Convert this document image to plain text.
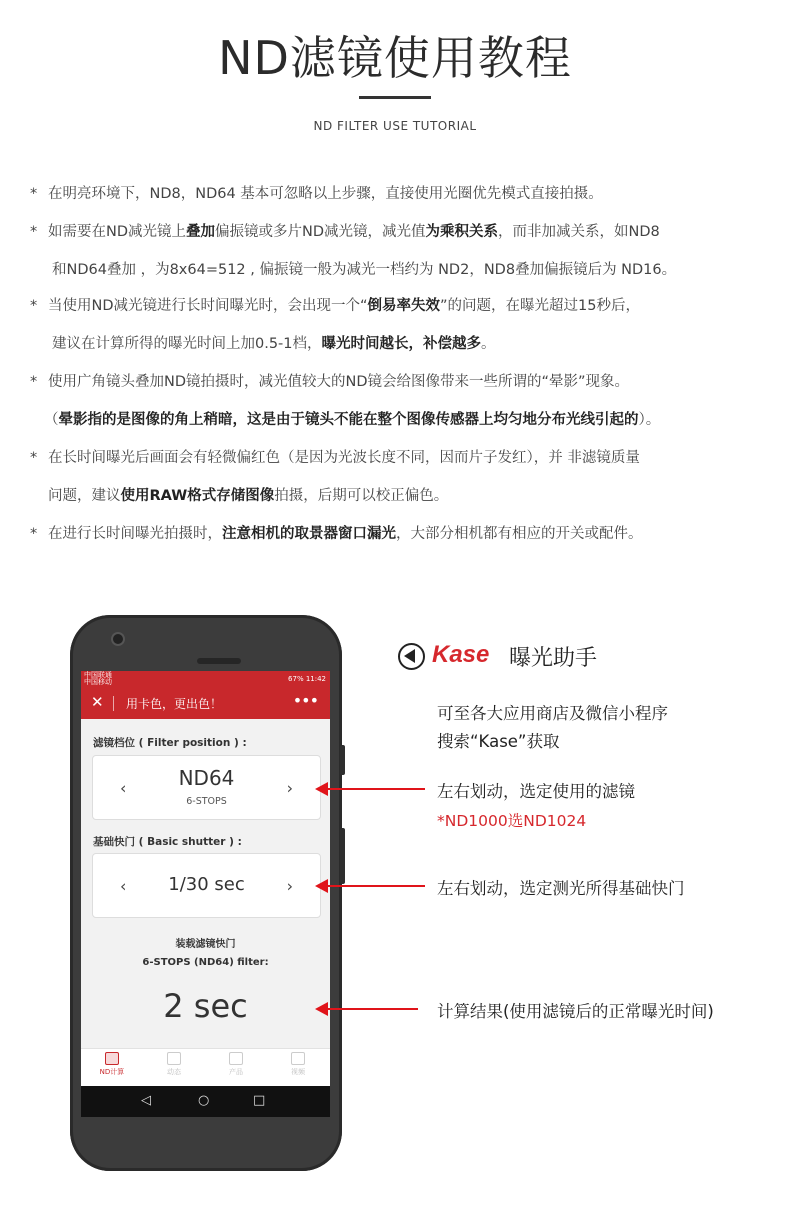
ND滤镜使用教程
ND FILTER USE TUTORIAL
* 在明亮环境下，ND8，ND64 基本可忽略以上步骤，直接使用光圈优先模式直接拍摄。
* 如需要在ND减光镜上叠加偏振镜或多片ND减光镜，减光值为乘积关系，而非加减关系，如ND8
和ND64叠加 ，为8x64=512 , 偏振镜一般为减光一档约为 ND2，ND8叠加偏振镜后为 ND16。
* 当使用ND减光镜进行长时间曝光时，会出现一个“倒易率失效”的问题，在曝光超过15秒后，
建议在计算所得的曝光时间上加0.5-1档，曝光时间越长，补偿越多。
* 使用广角镜头叠加ND镜拍摄时，减光值较大的ND镜会给图像带来一些所谓的“晕影”现象。
（晕影指的是图像的角上稍暗，这是由于镜头不能在整个图像传感器上均匀地分布光线引起的）。
* 在长时间曝光后画面会有轻微偏红色（是因为光波长度不同，因而片子发红），并 非滤镜质量
问题，建议使用RAW格式存储图像拍摄，后期可以校正偏色。
* 在进行长时间曝光拍摄时，注意相机的取景器窗口漏光，大部分相机都有相应的开关或配件。
中国联通
中国移动	67% 11:42
✕ 用卡色，更出色！	•••
滤镜档位 ( Filter position ) :
‹	ND64
6-STOPS
›
基础快门 ( Basic shutter ) :
‹	1/30 sec	›
装载滤镜快门
6-STOPS (ND64) filter:
2 sec
ND计算	动态	产品	视频
◁	○	□
Kase 曝光助手
可至各大应用商店及微信小程序
搜索“Kase”获取
左右划动，选定使用的滤镜
*ND1000选ND1024
左右划动，选定测光所得基础快门
计算结果(使用滤镜后的正常曝光时间)
